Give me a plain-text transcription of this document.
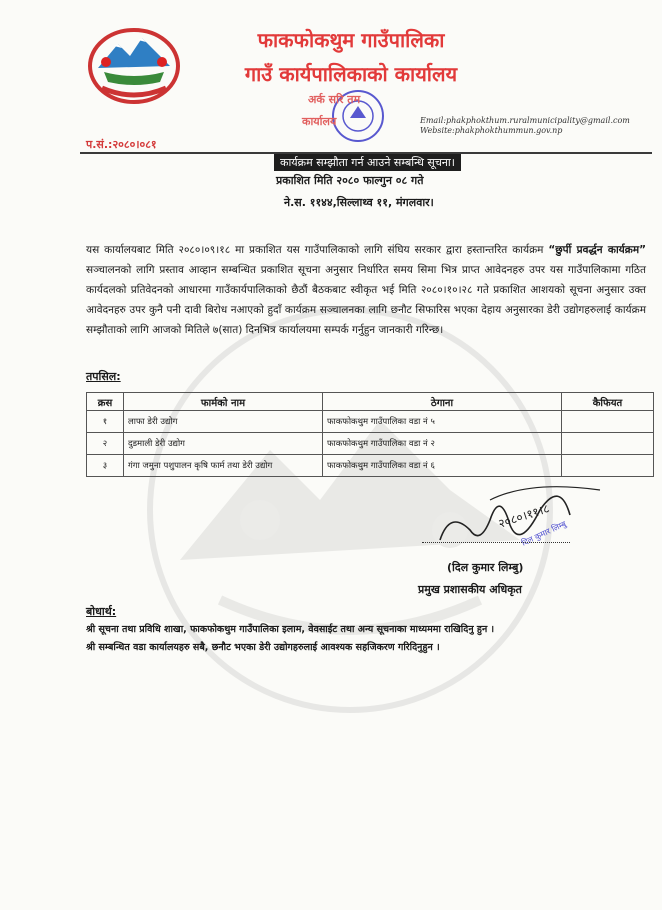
फाकफोकथुम गाउँपालिका
गाउँ कार्यपालिकाको कार्यालय
अर्क सरि तम
कार्यालय	Email:phakphokthum.ruralmunicipality@gmail.com
Website:phakphokthummun.gov.np
प.सं.:२०८०।०८१
कार्यक्रम सम्झौता गर्न आउने सम्बन्धि सूचना।
प्रकाशित मिति २०८० फाल्गुन ०८ गते
ने.स. ११४४,सिल्लाथ्व ११, मंगलवार।
यस कार्यालयबाट मिति २०८०।०९।१८ मा प्रकाशित यस गाउँपालिकाको लागि संघिय सरकार द्वारा हस्तान्तरित कार्यक्रम “छुर्पी प्रवर्द्धन कार्यक्रम” सञ्चालनको लागि प्रस्ताव आव्हान सम्बन्धित प्रकाशित सूचना अनुसार निर्धारित समय सिमा भित्र प्राप्त आवेदनहरु उपर यस गाउँपालिकामा गठित कार्यदलको प्रतिवेदनको आधारमा गाउँकार्यपालिकाको छैठौं बैठकबाट स्वीकृत भई मिति २०८०।१०।२८ गते प्रकाशित आशयको सूचना अनुसार उक्त आवेदनहरु उपर कुनै पनी दावी बिरोध नआएको हुदाँ कार्यक्रम सञ्चालनका लागि छनौट सिफारिस भएका देहाय अनुसारका डेरी उद्योगहरुलाई कार्यक्रम सम्झौताको लागि आजको मितिले ७(सात) दिनभित्र कार्यालयमा सम्पर्क गर्नुहुन जानकारी गरिन्छ।
तपसिल:
क्रस	फार्मको नाम	ठेगाना	कैफियत
१	लाफा डेरी उद्योग	फाकफोकथुम गाउँपालिका वडा नं ५	
२	दुडमाली डेरी उद्योग	फाकफोकथुम गाउँपालिका वडा नं २	
३	गंगा जमुना पशुपालन कृषि फार्म तथा डेरी उद्योग	फाकफोकथुम गाउँपालिका वडा नं ६	
२०८०।११।८
दिल कुमार लिम्बु
(दिल कुमार लिम्बु)
प्रमुख प्रशासकीय अधिकृत
बोधार्थ:
श्री सूचना तथा प्रविधि शाखा, फाकफोकथुम गाउँपालिका इलाम, वेवसाईट तथा अन्य सूचनाका माध्यममा राखिदिनु हुन ।
श्री सम्बन्धित वडा कार्यालयहरु सबै, छनौट भएका डेरी उद्योगहरुलाई आवश्यक सहजिकरण गरिदिनुहुन ।
